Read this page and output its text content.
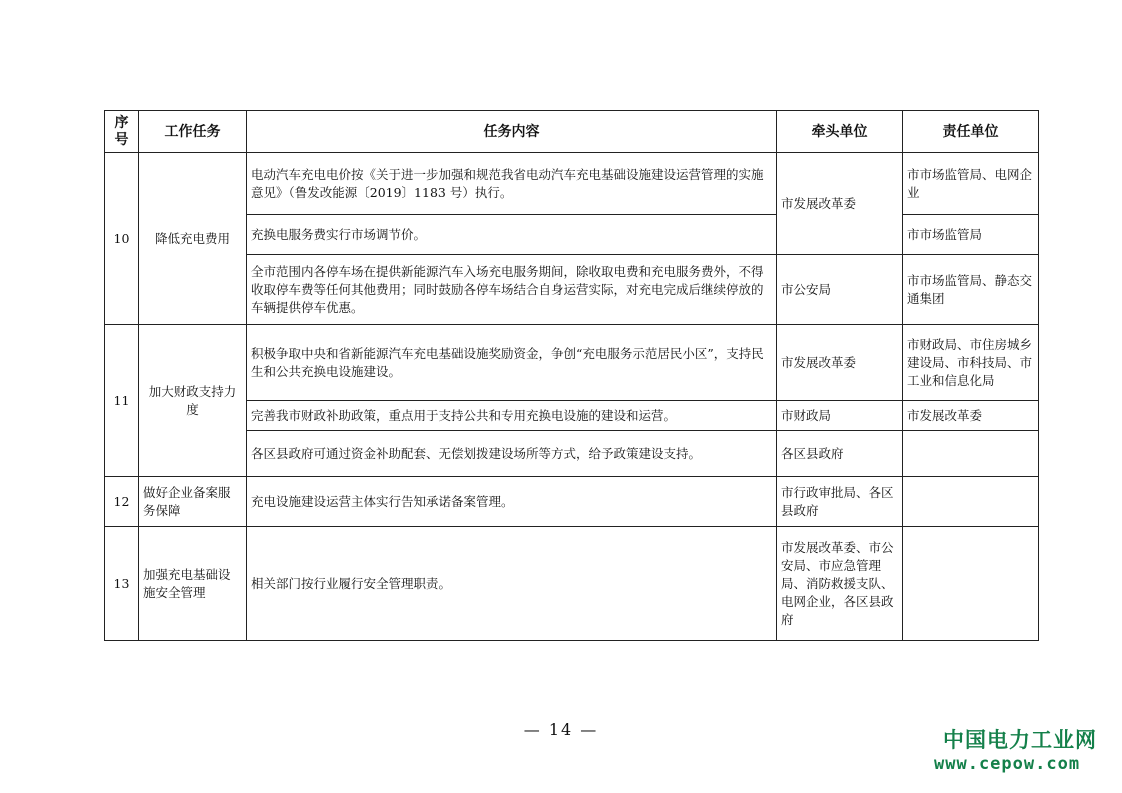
序号	工作任务	任务内容	牵头单位	责任单位
10	降低充电费用	电动汽车充电电价按《关于进一步加强和规范我省电动汽车充电基础设施建设运营管理的实施意见》（鲁发改能源〔2019〕1183 号）执行。	市发展改革委	市市场监管局、电网企业
		充换电服务费实行市场调节价。		市市场监管局
		全市范围内各停车场在提供新能源汽车入场充电服务期间，除收取电费和充电服务费外，不得收取停车费等任何其他费用；同时鼓励各停车场结合自身运营实际，对充电完成后继续停放的车辆提供停车优惠。	市公安局	市市场监管局、静态交通集团
11	加大财政支持力度	积极争取中央和省新能源汽车充电基础设施奖励资金，争创“充电服务示范居民小区”，支持民生和公共充换电设施建设。	市发展改革委	市财政局、市住房城乡建设局、市科技局、市工业和信息化局
		完善我市财政补助政策，重点用于支持公共和专用充换电设施的建设和运营。	市财政局	市发展改革委
		各区县政府可通过资金补助配套、无偿划拨建设场所等方式，给予政策建设支持。	各区县政府	
12	做好企业备案服务保障	充电设施建设运营主体实行告知承诺备案管理。	市行政审批局、各区县政府	
13	加强充电基础设施安全管理	相关部门按行业履行安全管理职责。	市发展改革委、市公安局、市应急管理局、消防救援支队、电网企业，各区县政府	
— 14 —	中国电力工业网
www.cepow.com
